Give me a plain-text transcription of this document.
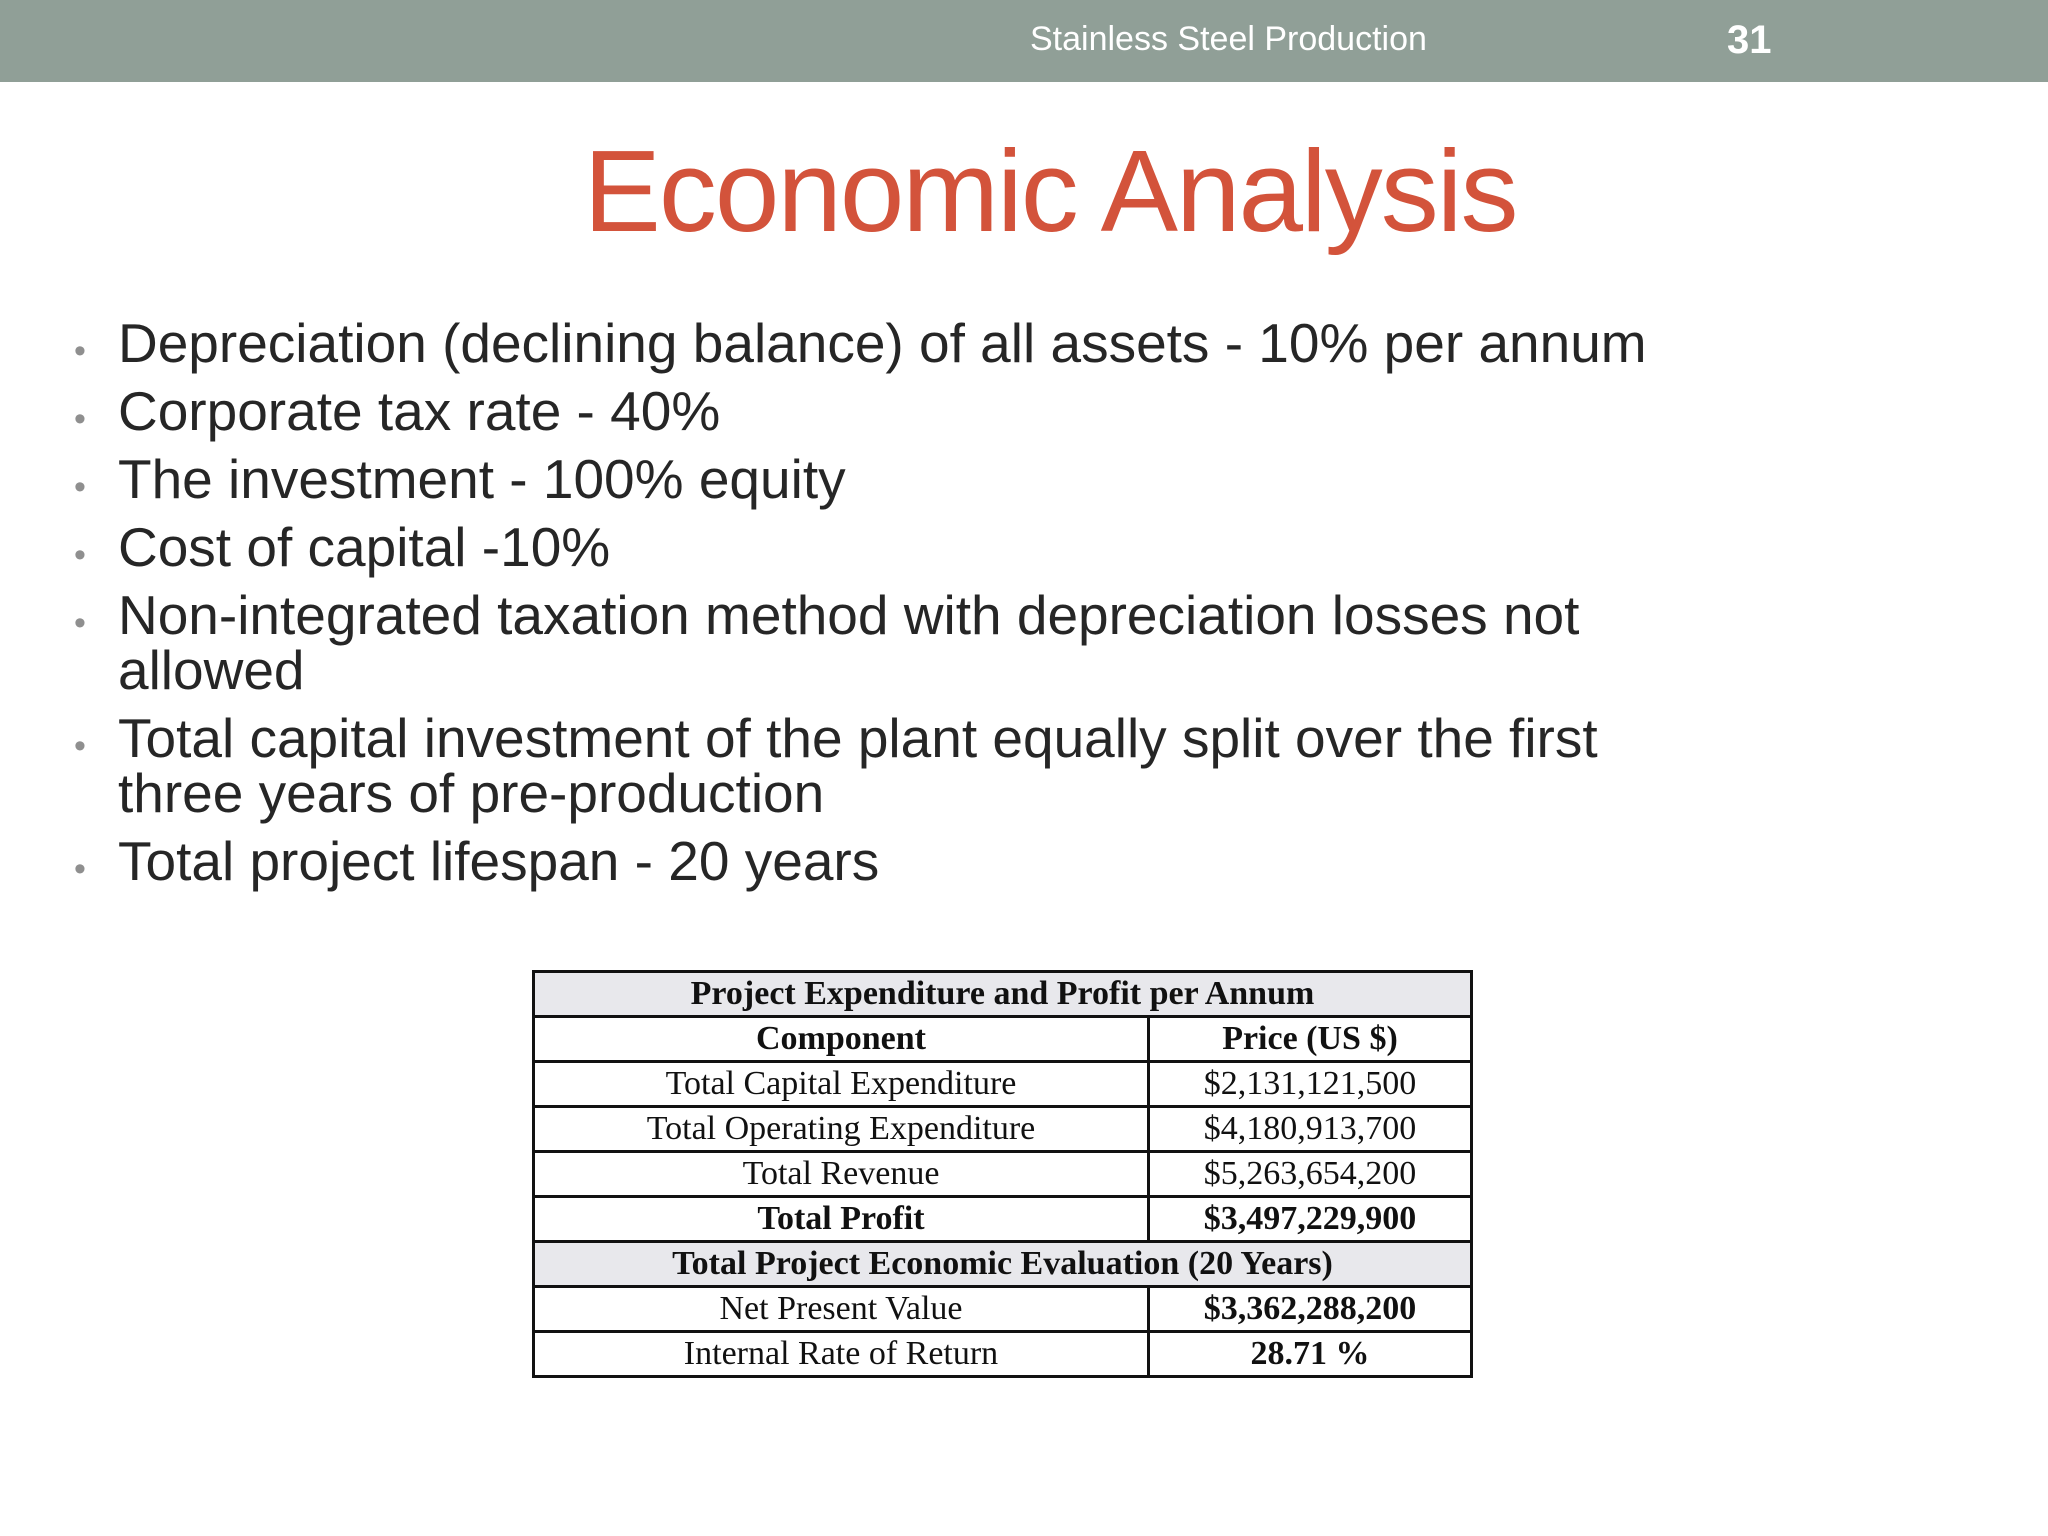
Stainless Steel Production	31
Economic Analysis
• Depreciation (declining balance) of all assets - 10% per annum
• Corporate tax rate - 40%
• The investment - 100% equity
• Cost of capital -10%
• Non-integrated taxation method with depreciation losses not allowed
• Total capital investment of the plant equally split over the first three years of pre-production
• Total project lifespan - 20 years
Project Expenditure and Profit per Annum	
Component	Price (US $)
Total Capital Expenditure	$2,131,121,500
Total Operating Expenditure	$4,180,913,700
Total Revenue	$5,263,654,200
Total Profit	$3,497,229,900
Total Project Economic Evaluation (20 Years)	
Net Present Value	$3,362,288,200
Internal Rate of Return	28.71 %
